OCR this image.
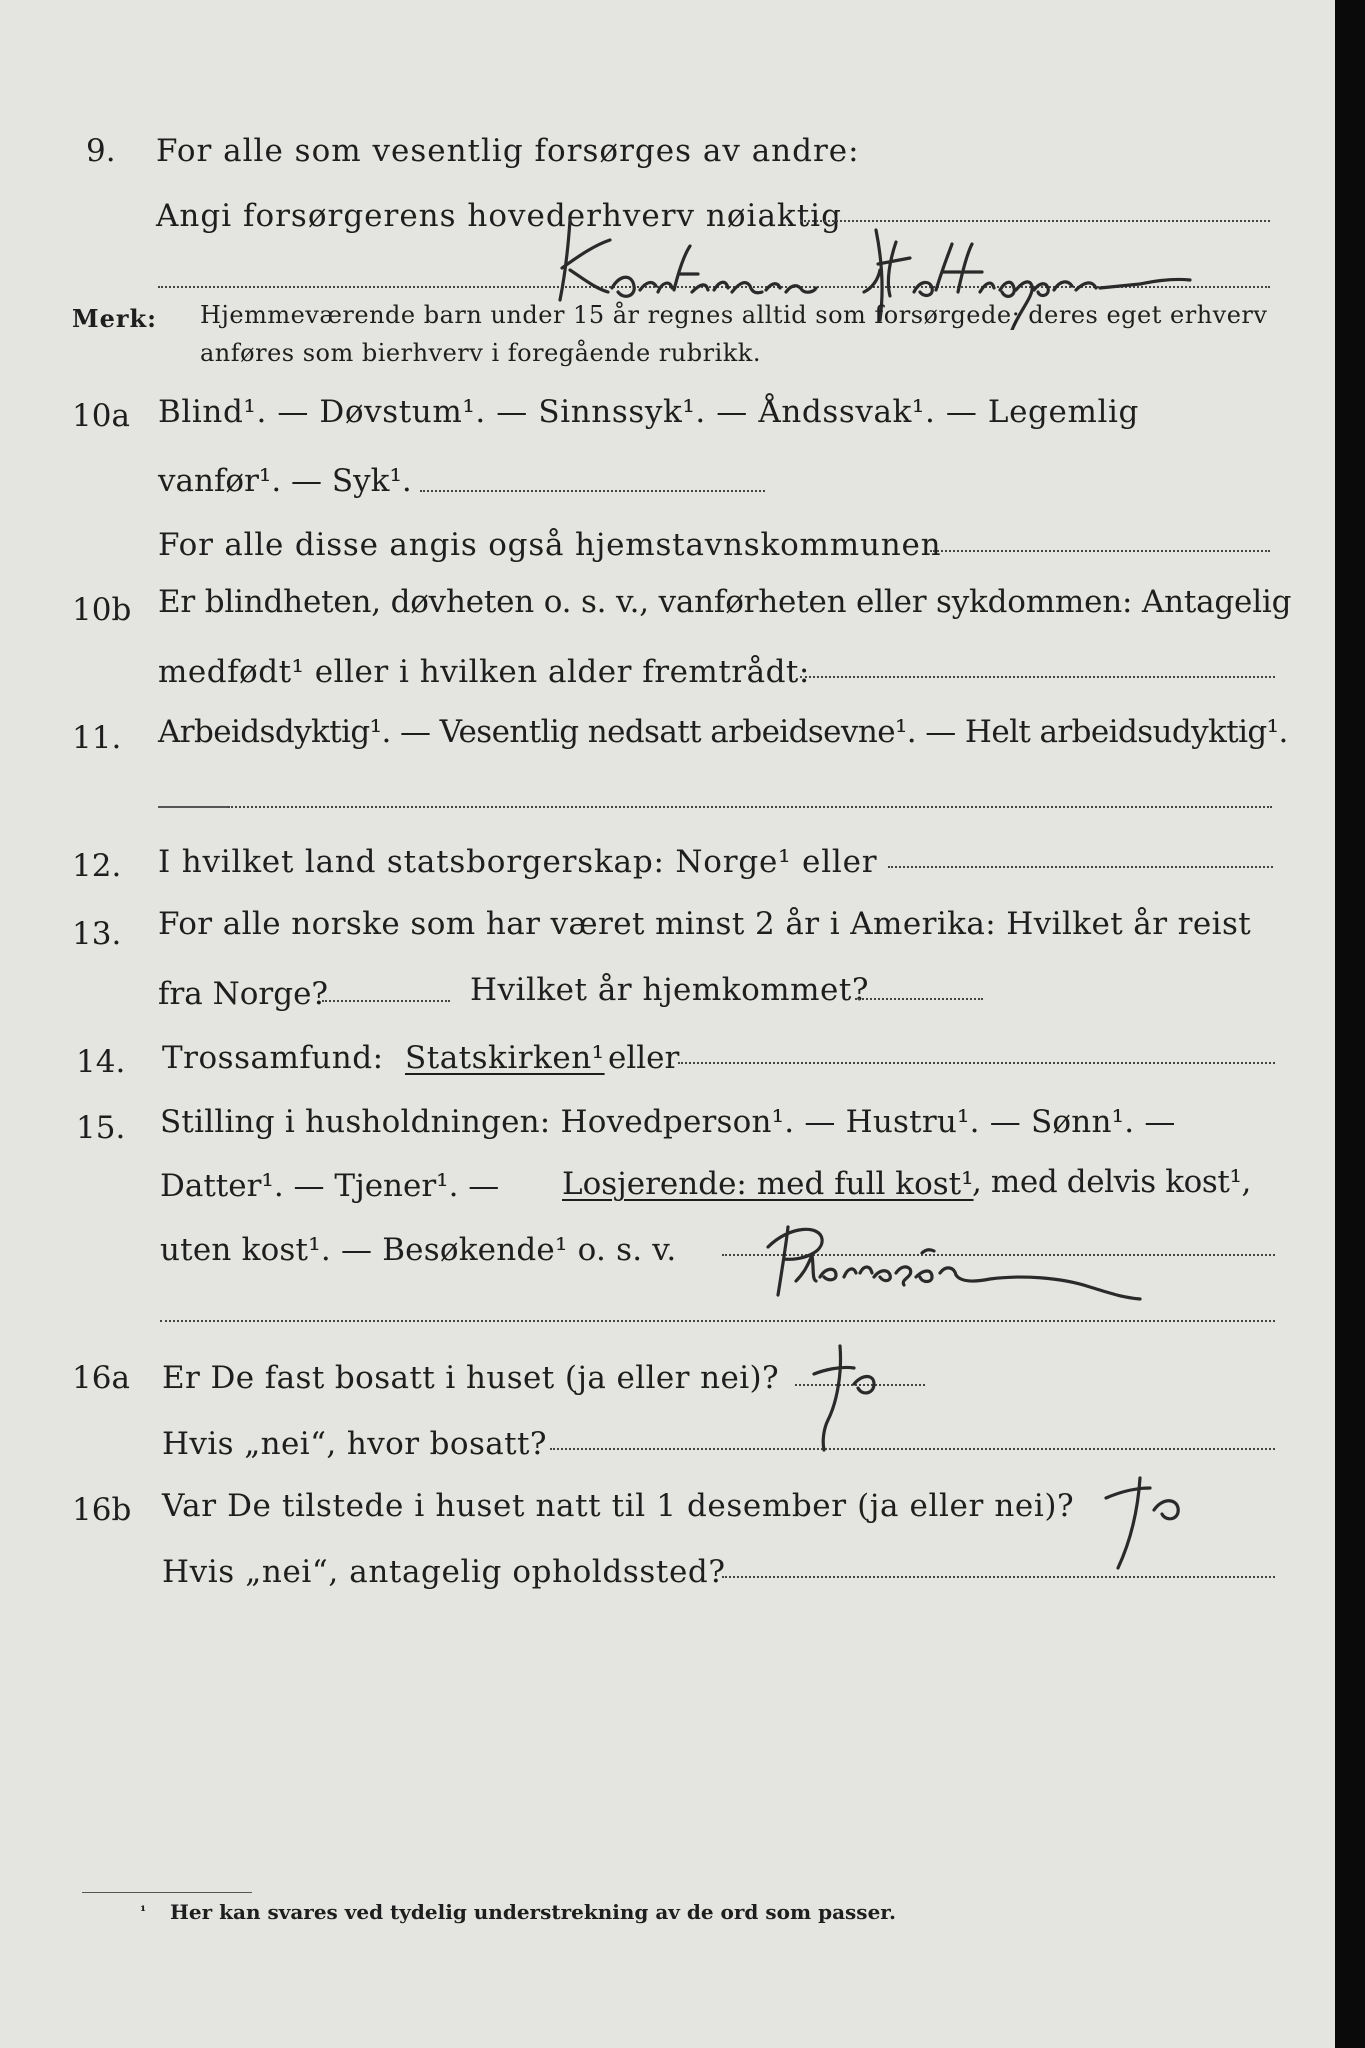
9. For alle som vesentlig forsørges av andre:
Angi forsørgerens hovederhverv nøiaktig
Merk: Hjemmeværende barn under 15 år regnes alltid som forsørgede; deres eget erhverv
anføres som bierhverv i foregående rubrikk.
10a Blind¹. — Døvstum¹. — Sinnssyk¹. — Åndssvak¹. — Legemlig
vanfør¹. — Syk¹.
For alle disse angis også hjemstavnskommunen
10b Er blindheten, døvheten o. s. v., vanførheten eller sykdommen: Antagelig
medfødt¹ eller i hvilken alder fremtrådt:
11. Arbeidsdyktig¹. — Vesentlig nedsatt arbeidsevne¹. — Helt arbeidsudyktig¹.
12. I hvilket land statsborgerskap: Norge¹ eller
13. For alle norske som har været minst 2 år i Amerika: Hvilket år reist
fra Norge?	Hvilket år hjemkommet?
14. Trossamfund: Statskirken¹ eller
15. Stilling i husholdningen: Hovedperson¹. — Hustru¹. — Sønn¹. —
Datter¹. — Tjener¹. — Losjerende: med full kost¹
, med delvis kost¹,
uten kost¹. — Besøkende¹ o. s. v.
16a Er De fast bosatt i huset (ja eller nei)?
Hvis „nei“, hvor bosatt?
16b Var De tilstede i huset natt til 1 desember (ja eller nei)?
Hvis „nei“, antagelig opholdssted?
¹ Her kan svares ved tydelig understrekning av de ord som passer.
